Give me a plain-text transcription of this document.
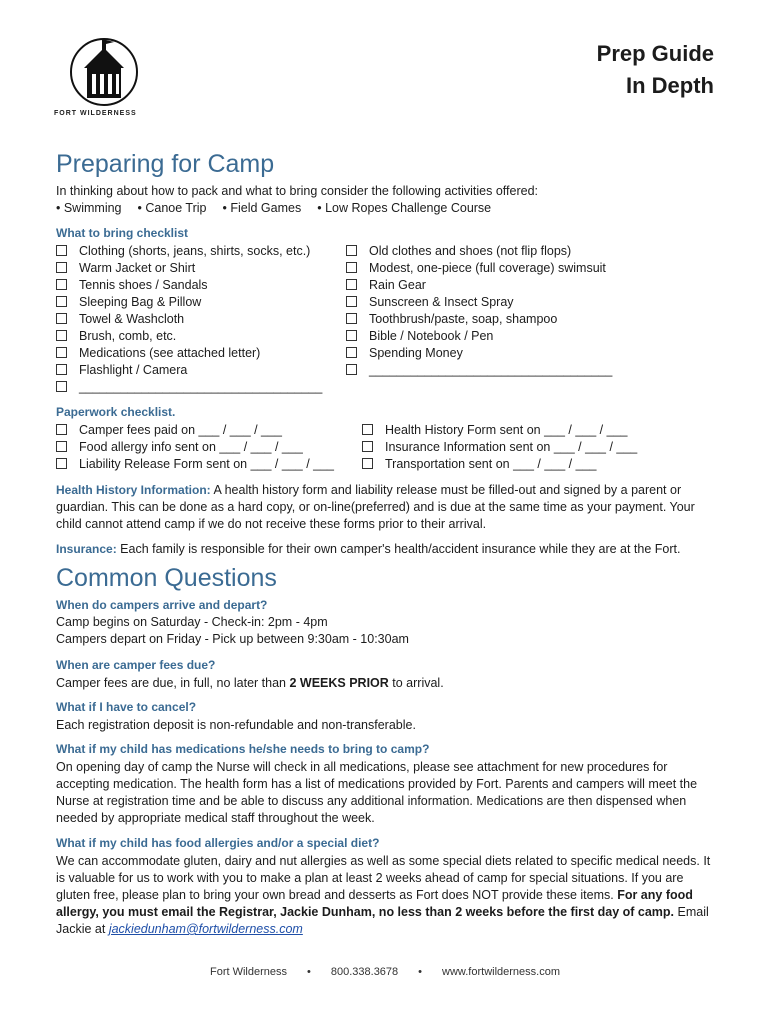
FORT WILDERNESS
Prep Guide
In Depth
Preparing for Camp
In thinking about how to pack and what to bring consider the following activities offered:
• Swimming • Canoe Trip • Field Games • Low Ropes Challenge Course
What to bring checklist
Clothing (shorts, jeans, shirts, socks, etc.)
Warm Jacket or Shirt
Tennis shoes / Sandals
Sleeping Bag & Pillow
Towel & Washcloth
Brush, comb, etc.
Medications (see attached letter)
Flashlight / Camera
___________________________________
Old clothes and shoes (not flip flops)
Modest, one-piece (full coverage) swimsuit
Rain Gear
Sunscreen & Insect Spray
Toothbrush/paste, soap, shampoo
Bible / Notebook / Pen
Spending Money
___________________________________
Paperwork checklist.
Camper fees paid on ___ / ___ / ___
Food allergy info sent on ___ / ___ / ___
Liability Release Form sent on ___ / ___ / ___
Health History Form sent on ___ / ___ / ___
Insurance Information sent on ___ / ___ / ___
Transportation sent on ___ / ___ / ___
Health History Information: A health history form and liability release must be filled-out and signed by a parent or guardian. This can be done as a hard copy, or on-line(preferred) and is due at the same time as your payment. Your child cannot attend camp if we do not receive these forms prior to their arrival.
Insurance: Each family is responsible for their own camper's health/accident insurance while they are at the Fort.
Common Questions
When do campers arrive and depart?
Camp begins on Saturday - Check-in: 2pm - 4pm
Campers depart on Friday - Pick up between 9:30am - 10:30am
When are camper fees due?
Camper fees are due, in full, no later than 2 WEEKS PRIOR to arrival.
What if I have to cancel?
Each registration deposit is non-refundable and non-transferable.
What if my child has medications he/she needs to bring to camp?
On opening day of camp the Nurse will check in all medications, please see attachment for new procedures for accepting medication. The health form has a list of medications provided by Fort. Parents and campers will meet the Nurse at registration time and be able to discuss any additional information. Medications are then dispensed when needed by appropriate medical staff throughout the week.
What if my child has food allergies and/or a special diet?
We can accommodate gluten, dairy and nut allergies as well as some special diets related to specific medical needs. It is valuable for us to work with you to make a plan at least 2 weeks ahead of camp for special situations. If you are gluten free, please plan to bring your own bread and desserts as Fort does NOT provide these items. For any food allergy, you must email the Registrar, Jackie Dunham, no less than 2 weeks before the first day of camp. Email Jackie at jackiedunham@fortwilderness.com
Fort Wilderness • 800.338.3678 • www.fortwilderness.com
